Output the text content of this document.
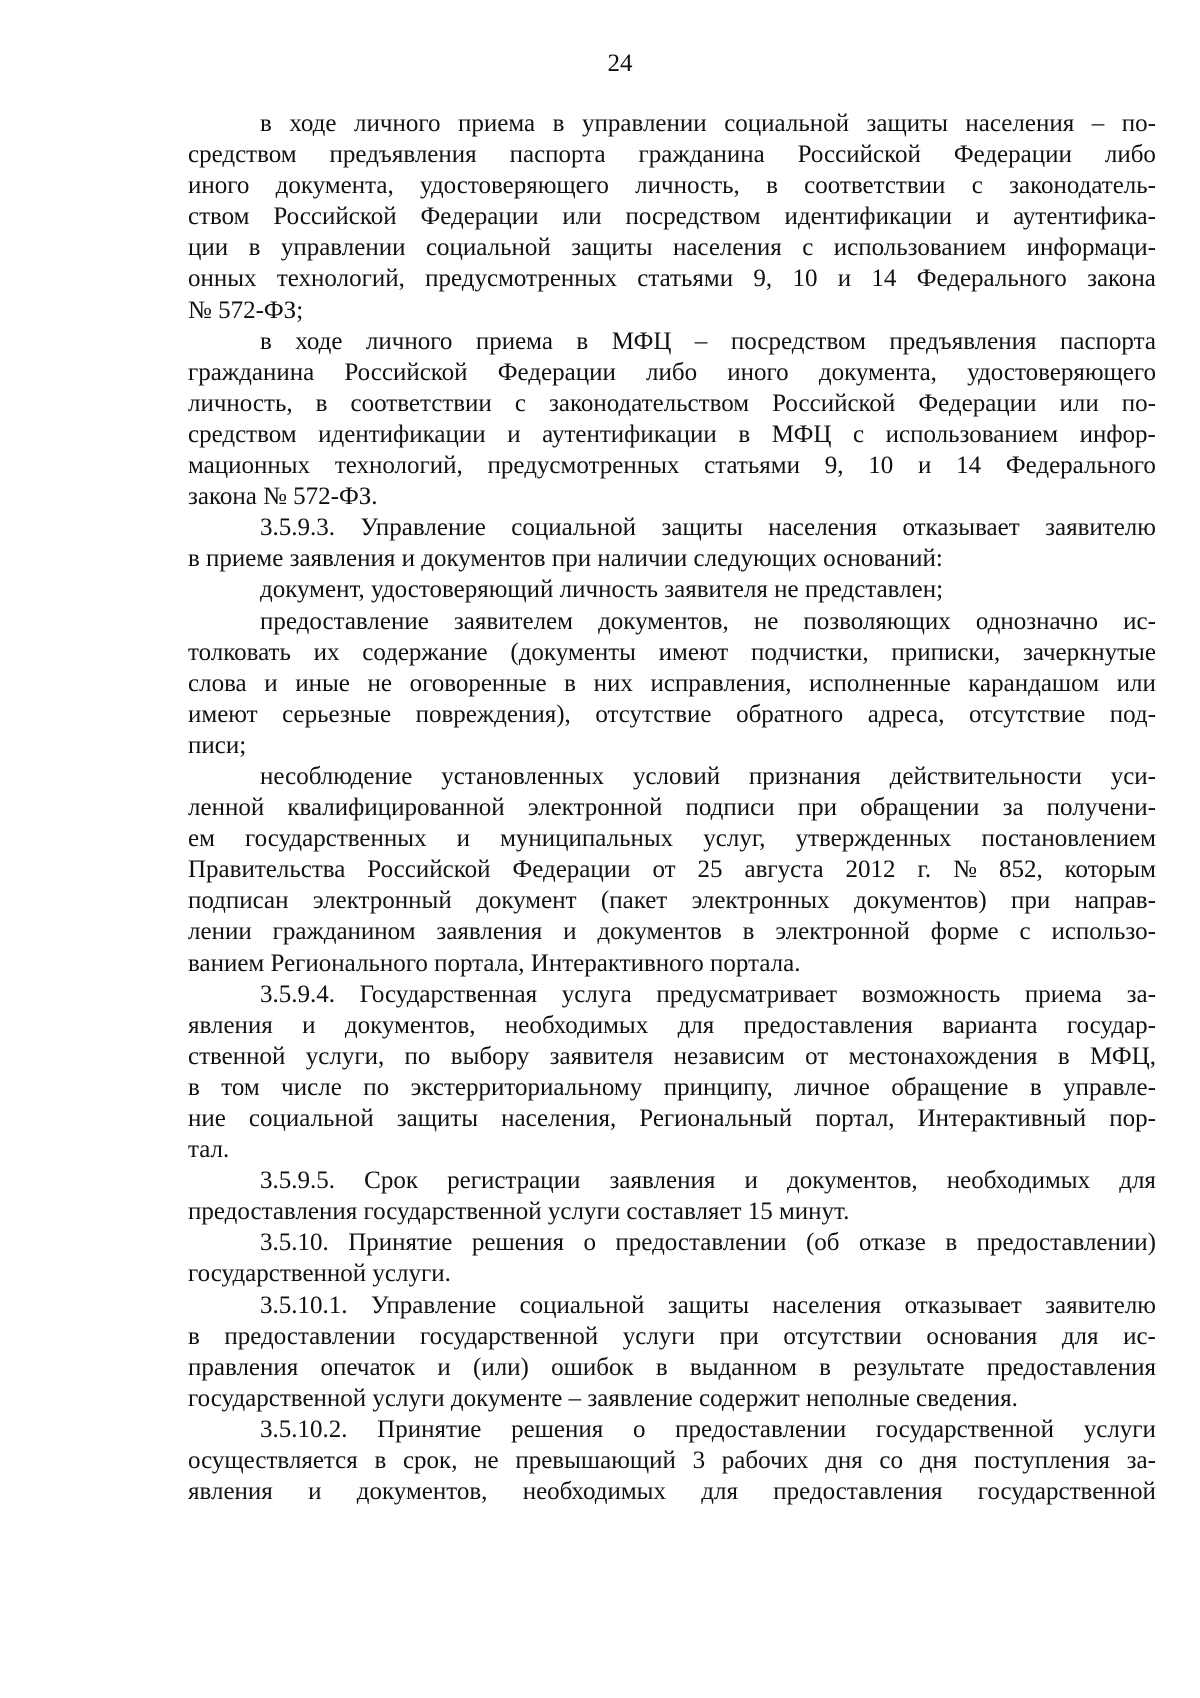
24
в ходе личного приема в управлении социальной защиты населения – по-
средством предъявления паспорта гражданина Российской Федерации либо
иного документа, удостоверяющего личность, в соответствии с законодатель-
ством Российской Федерации или посредством идентификации и аутентифика-
ции в управлении социальной защиты населения с использованием информаци-
онных технологий, предусмотренных статьями 9, 10 и 14 Федерального закона
№ 572-ФЗ;
в ходе личного приема в МФЦ – посредством предъявления паспорта
гражданина Российской Федерации либо иного документа, удостоверяющего
личность, в соответствии с законодательством Российской Федерации или по-
средством идентификации и аутентификации в МФЦ с использованием инфор-
мационных технологий, предусмотренных статьями 9, 10 и 14 Федерального
закона № 572-ФЗ.
3.5.9.3. Управление социальной защиты населения отказывает заявителю
в приеме заявления и документов при наличии следующих оснований:
документ, удостоверяющий личность заявителя не представлен;
предоставление заявителем документов, не позволяющих однозначно ис-
толковать их содержание (документы имеют подчистки, приписки, зачеркнутые
слова и иные не оговоренные в них исправления, исполненные карандашом или
имеют серьезные повреждения), отсутствие обратного адреса, отсутствие под-
писи;
несоблюдение установленных условий признания действительности уси-
ленной квалифицированной электронной подписи при обращении за получени-
ем государственных и муниципальных услуг, утвержденных постановлением
Правительства Российской Федерации от 25 августа 2012 г. № 852, которым
подписан электронный документ (пакет электронных документов) при направ-
лении гражданином заявления и документов в электронной форме с использо-
ванием Регионального портала, Интерактивного портала.
3.5.9.4. Государственная услуга предусматривает возможность приема за-
явления и документов, необходимых для предоставления варианта государ-
ственной услуги, по выбору заявителя независим от местонахождения в МФЦ,
в том числе по экстерриториальному принципу, личное обращение в управле-
ние социальной защиты населения, Региональный портал, Интерактивный пор-
тал.
3.5.9.5. Срок регистрации заявления и документов, необходимых для
предоставления государственной услуги составляет 15 минут.
3.5.10. Принятие решения о предоставлении (об отказе в предоставлении)
государственной услуги.
3.5.10.1. Управление социальной защиты населения отказывает заявителю
в предоставлении государственной услуги при отсутствии основания для ис-
правления опечаток и (или) ошибок в выданном в результате предоставления
государственной услуги документе – заявление содержит неполные сведения.
3.5.10.2. Принятие решения о предоставлении государственной услуги
осуществляется в срок, не превышающий 3 рабочих дня со дня поступления за-
явления и документов, необходимых для предоставления государственной
